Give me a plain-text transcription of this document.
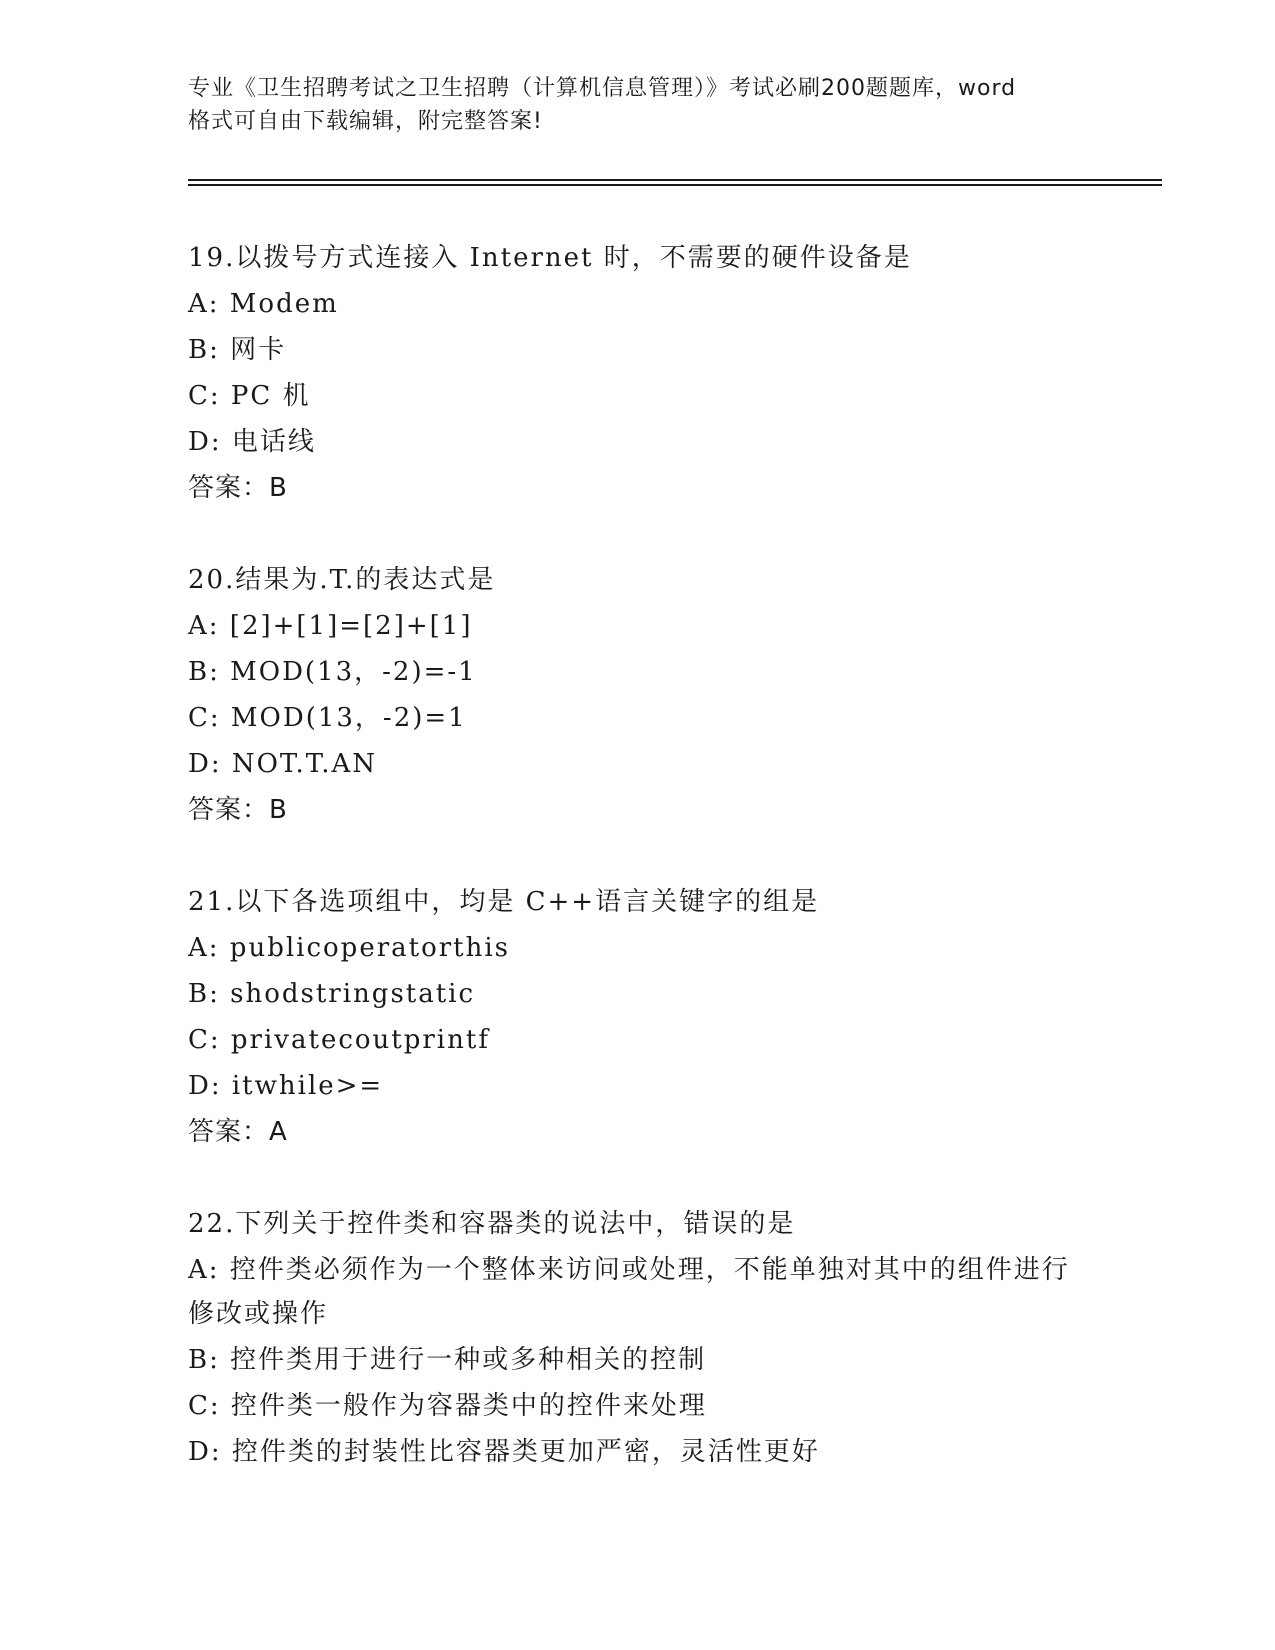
专业《卫生招聘考试之卫生招聘（计算机信息管理）》考试必刷200题题库，word
格式可自由下载编辑，附完整答案!
19.以拨号方式连接入 Internet 时，不需要的硬件设备是
A: Modem
B: 网卡
C: PC 机
D: 电话线
答案：B
20.结果为.T.的表达式是
A: [2]+[1]=[2]+[1]
B: MOD(13，-2)=-1
C: MOD(13，-2)=1
D: NOT.T.AN
答案：B
21.以下各选项组中，均是 C++语言关键字的组是
A: publicoperatorthis
B: shodstringstatic
C: privatecoutprintf
D: itwhile>=
答案：A
22.下列关于控件类和容器类的说法中，错误的是
A: 控件类必须作为一个整体来访问或处理，不能单独对其中的组件进行修改或操作
B: 控件类用于进行一种或多种相关的控制
C: 控件类一般作为容器类中的控件来处理
D: 控件类的封装性比容器类更加严密，灵活性更好
